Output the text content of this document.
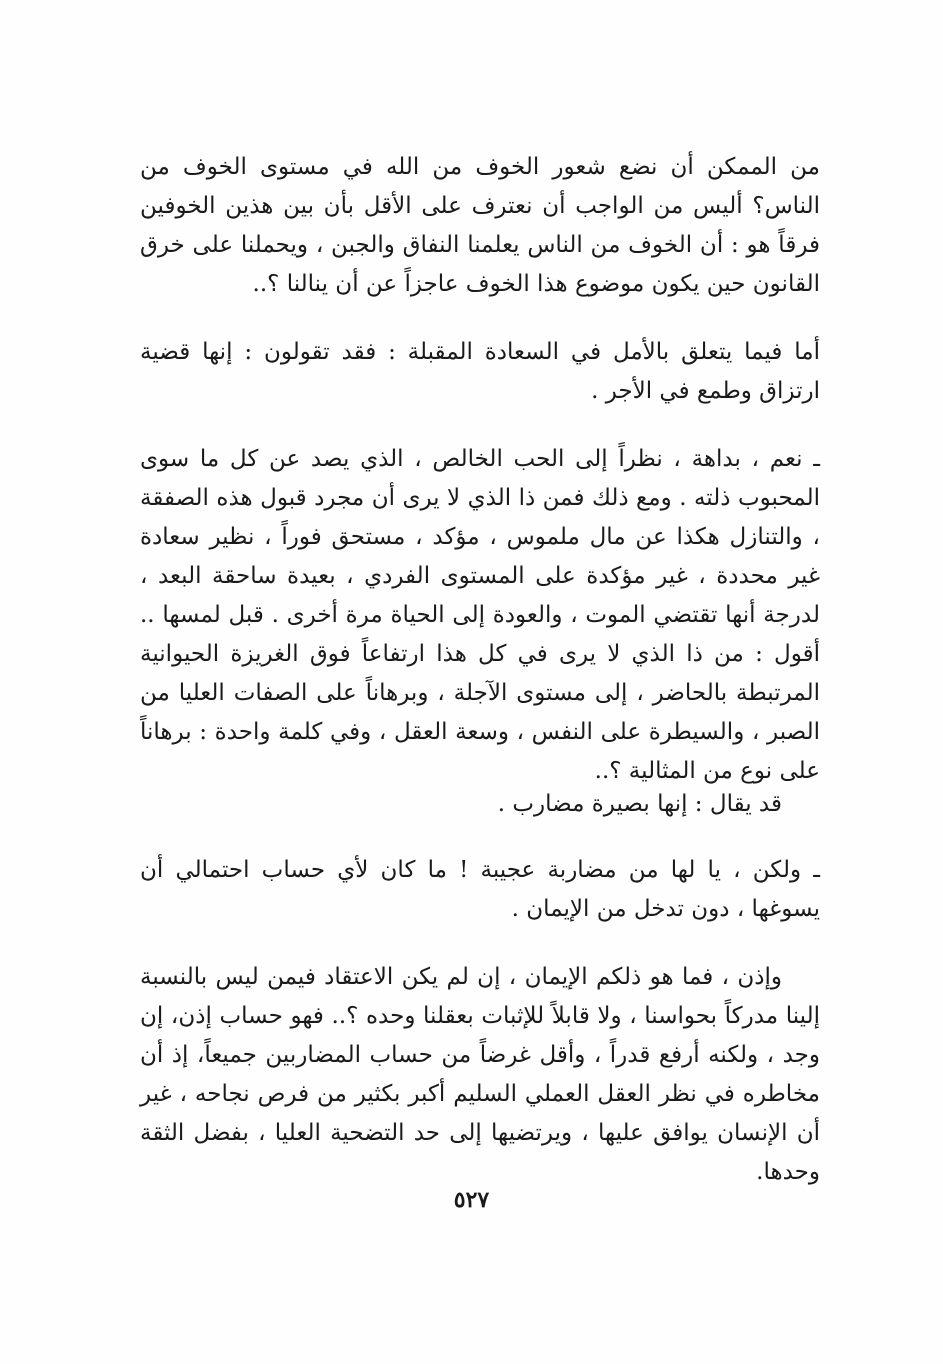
من الممكن أن نضع شعور الخوف من الله في مستوى الخوف من الناس؟ أليس من الواجب أن نعترف على الأقل بأن بين هذين الخوفين فرقاً هو : أن الخوف من الناس يعلمنا النفاق والجبن ، ويحملنا على خرق القانون حين يكون موضوع هذا الخوف عاجزاً عن أن ينالنا ؟..

أما فيما يتعلق بالأمل في السعادة المقبلة : فقد تقولون : إنها قضية ارتزاق وطمع في الأجر .

ـ نعم ، بداهة ، نظراً إلى الحب الخالص ، الذي يصد عن كل ما سوى المحبوب ذلته . ومع ذلك فمن ذا الذي لا يرى أن مجرد قبول هذه الصفقة ، والتنازل هكذا عن مال ملموس ، مؤكد ، مستحق فوراً ، نظير سعادة غير محددة ، غير مؤكدة على المستوى الفردي ، بعيدة ساحقة البعد ، لدرجة أنها تقتضي الموت ، والعودة إلى الحياة مرة أخرى . قبل لمسها .. أقول : من ذا الذي لا يرى في كل هذا ارتفاعاً فوق الغريزة الحيوانية المرتبطة بالحاضر ، إلى مستوى الآجلة ، وبرهاناً على الصفات العليا من الصبر ، والسيطرة على النفس ، وسعة العقل ، وفي كلمة واحدة : برهاناً على نوع من المثالية ؟..

قد يقال : إنها بصيرة مضارب .

ـ ولكن ، يا لها من مضاربة عجيبة ! ما كان لأي حساب احتمالي أن يسوغها ، دون تدخل من الإيمان .

وإذن ، فما هو ذلكم الإيمان ، إن لم يكن الاعتقاد فيمن ليس بالنسبة إلينا مدركاً بحواسنا ، ولا قابلاً للإثبات بعقلنا وحده ؟.. فهو حساب إذن، إن وجد ، ولكنه أرفع قدراً ، وأقل غرضاً من حساب المضاربين جميعاً، إذ أن مخاطره في نظر العقل العملي السليم أكبر بكثير من فرص نجاحه ، غير أن الإنسان يوافق عليها ، ويرتضيها إلى حد التضحية العليا ، بفضل الثقة وحدها.

٥٢٧
